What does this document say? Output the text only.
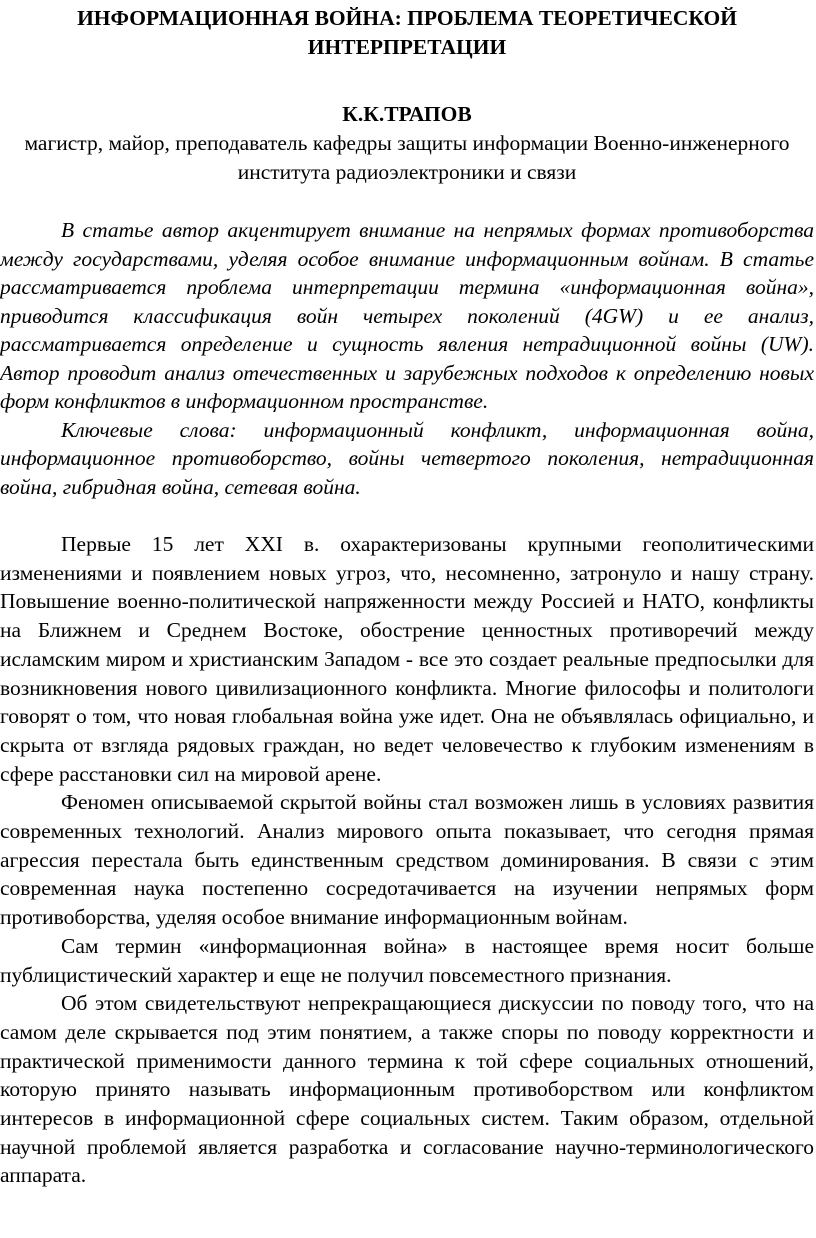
ИНФОРМАЦИОННАЯ ВОЙНА: ПРОБЛЕМА ТЕОРЕТИЧЕСКОЙ ИНТЕРПРЕТАЦИИ

К.К.ТРАПОВ

магистр, майор, преподаватель кафедры защиты информации Военно-инженерного института радиоэлектроники и связи

В статье автор акцентирует внимание на непрямых формах противоборства между государствами, уделяя особое внимание информационным войнам. В статье рассматривается проблема интерпретации термина «информационная война», приводится классификация войн четырех поколений (4GW) и ее анализ, рассматривается определение и сущность явления нетрадиционной войны (UW). Автор проводит анализ отечественных и зарубежных подходов к определению новых форм конфликтов в информационном пространстве.

Ключевые слова: информационный конфликт, информационная война, информационное противоборство, войны четвертого поколения, нетрадиционная война, гибридная война, сетевая война.

Первые 15 лет XXI в. охарактеризованы крупными геополитическими изменениями и появлением новых угроз, что, несомненно, затронуло и нашу страну. Повышение военно-политической напряженности между Россией и НАТО, конфликты на Ближнем и Среднем Востоке, обострение ценностных противоречий между исламским миром и христианским Западом - все это создает реальные предпосылки для возникновения нового цивилизационного конфликта. Многие философы и политологи говорят о том, что новая глобальная война уже идет. Она не объявлялась официально, и скрыта от взгляда рядовых граждан, но ведет человечество к глубоким изменениям в сфере расстановки сил на мировой арене.

Феномен описываемой скрытой войны стал возможен лишь в условиях развития современных технологий. Анализ мирового опыта показывает, что сегодня прямая агрессия перестала быть единственным средством доминирования. В связи с этим современная наука постепенно сосредотачивается на изучении непрямых форм противоборства, уделяя особое внимание информационным войнам.

Сам термин «информационная война» в настоящее время носит больше публицистический характер и еще не получил повсеместного признания.

Об этом свидетельствуют непрекращающиеся дискуссии по поводу того, что на самом деле скрывается под этим понятием, а также споры по поводу корректности и практической применимости данного термина к той сфере социальных отношений, которую принято называть информационным противоборством или конфликтом интересов в информационной сфере социальных систем. Таким образом, отдельной научной проблемой является разработка и согласование научно-терминологического аппарата.
